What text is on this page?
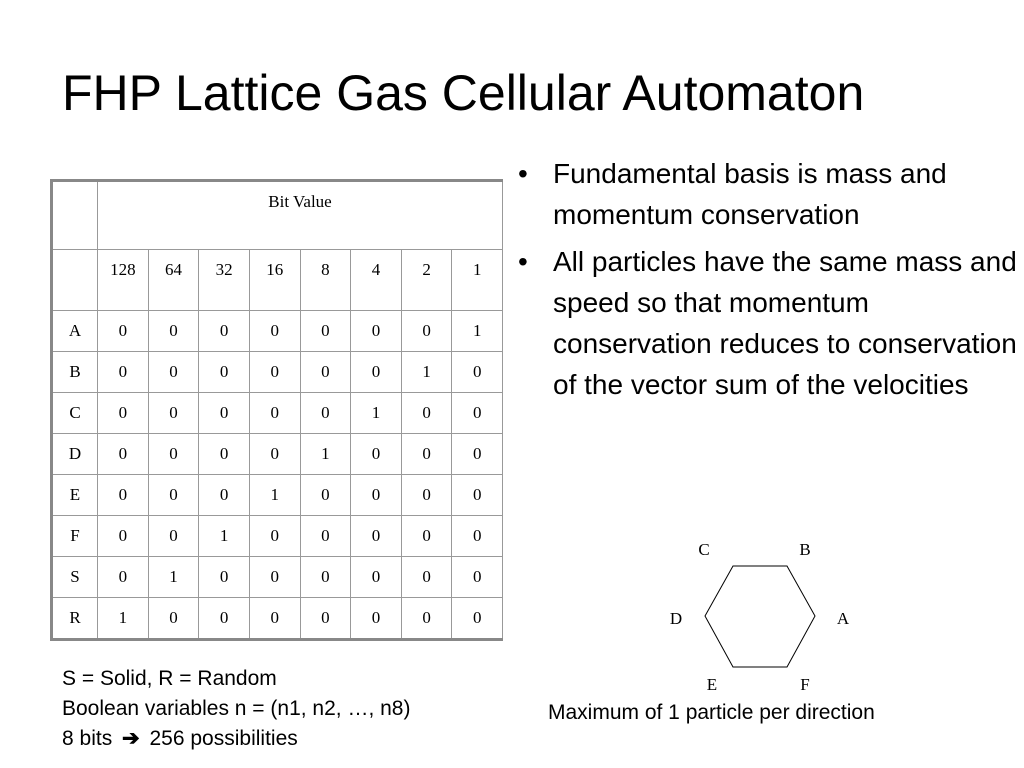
FHP Lattice Gas Cellular Automaton
	Bit Value							
	128	64	32	16	8	4	2	1
A	0	0	0	0	0	0	0	1
B	0	0	0	0	0	0	1	0
C	0	0	0	0	0	1	0	0
D	0	0	0	0	1	0	0	0
E	0	0	0	1	0	0	0	0
F	0	0	1	0	0	0	0	0
S	0	1	0	0	0	0	0	0
R	1	0	0	0	0	0	0	0
• Fundamental basis is mass and momentum conservation
• All particles have the same mass and speed so that momentum conservation reduces to conservation of the vector sum of the velocities
S = Solid, R = Random
Boolean variables n = (n1, n2, …, n8)
8 bits ➔ 256 possibilities
C	B
D	A
E	F
Maximum of 1 particle per direction
